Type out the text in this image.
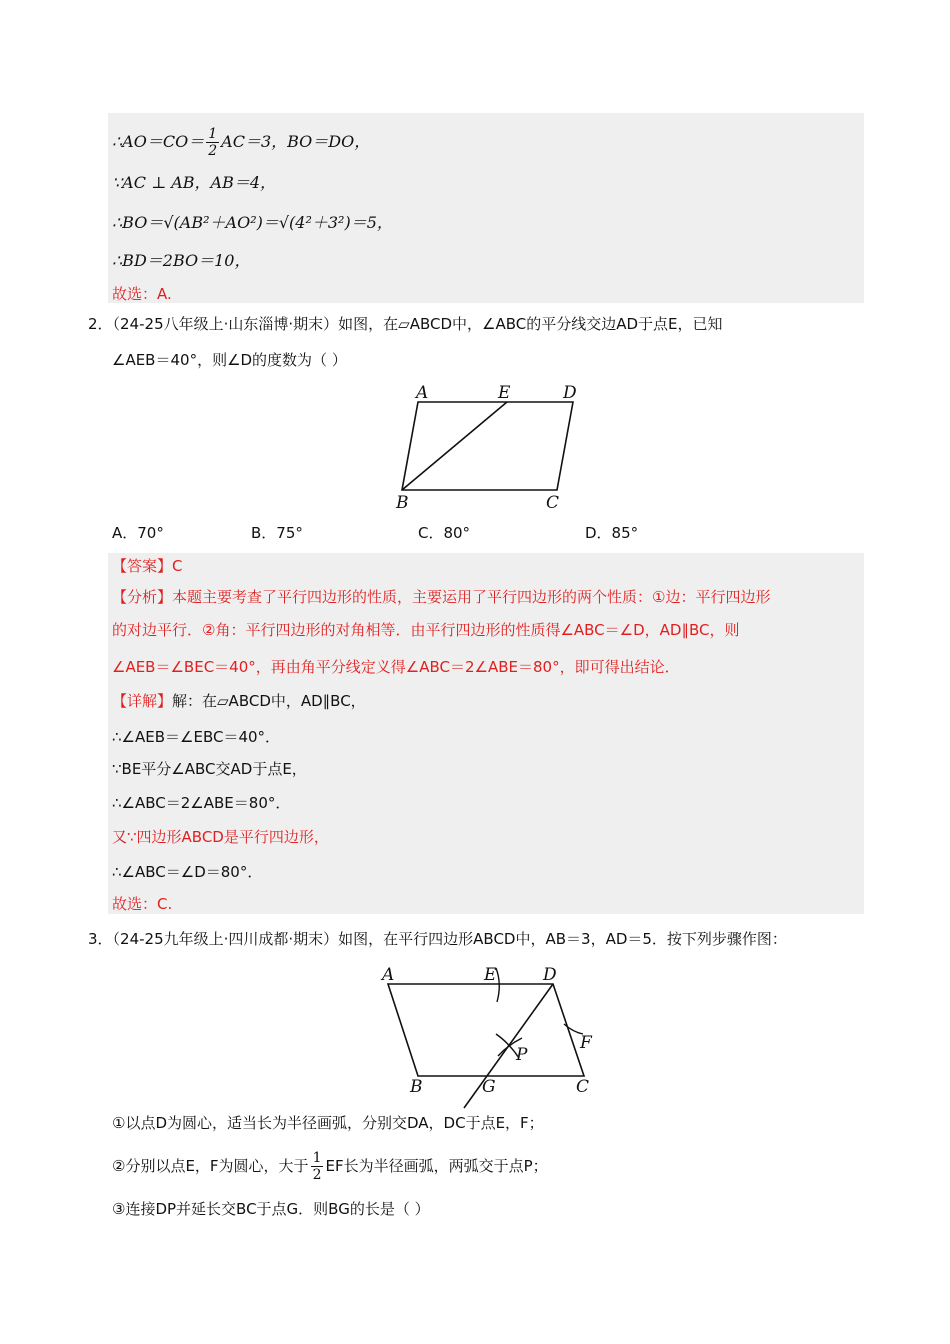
∴AO＝CO＝ $\frac{1}{2} AC=3$，BO＝DO，
∵AC ⊥ AB，AB＝4，
∴BO＝√(AB²＋AO²)＝√(4²＋3²)＝5，
∴BD＝2BO＝10，
故选：A.
2．（24-25八年级上·山东淄博·期末）如图，在▱ABCD中，∠ABC的平分线交边AD于点E，已知
∠AEB＝40°，则∠D的度数为（ ）
A	E	D
B	C
A．70°	B．75°	C．80°	D．85°
【答案】C
【分析】本题主要考查了平行四边形的性质，主要运用了平行四边形的两个性质：①边：平行四边形
的对边平行．②角：平行四边形的对角相等．由平行四边形的性质得∠ABC＝∠D，AD∥BC，则
∠AEB＝∠BEC＝40°，再由角平分线定义得∠ABC＝2∠ABE＝80°，即可得出结论．
【详解】解：在▱ABCD中，AD∥BC，
∴∠AEB＝∠EBC＝40°．
∵BE平分∠ABC交AD于点E，
∴∠ABC＝2∠ABE＝80°．
又∵四边形ABCD是平行四边形，
∴∠ABC＝∠D＝80°．
故选：C.
3．（24-25九年级上·四川成都·期末）如图，在平行四边形ABCD中，AB＝3，AD＝5．按下列步骤作图：
A	E	D
F
P
B	G	C
①以点D为圆心，适当长为半径画弧，分别交DA，DC于点E，F；
②分别以点E，F为圆心，大于 $\frac{1}{2}$ EF长为半径画弧，两弧交于点P；
③连接DP并延长交BC于点G．则BG的长是（ ）
